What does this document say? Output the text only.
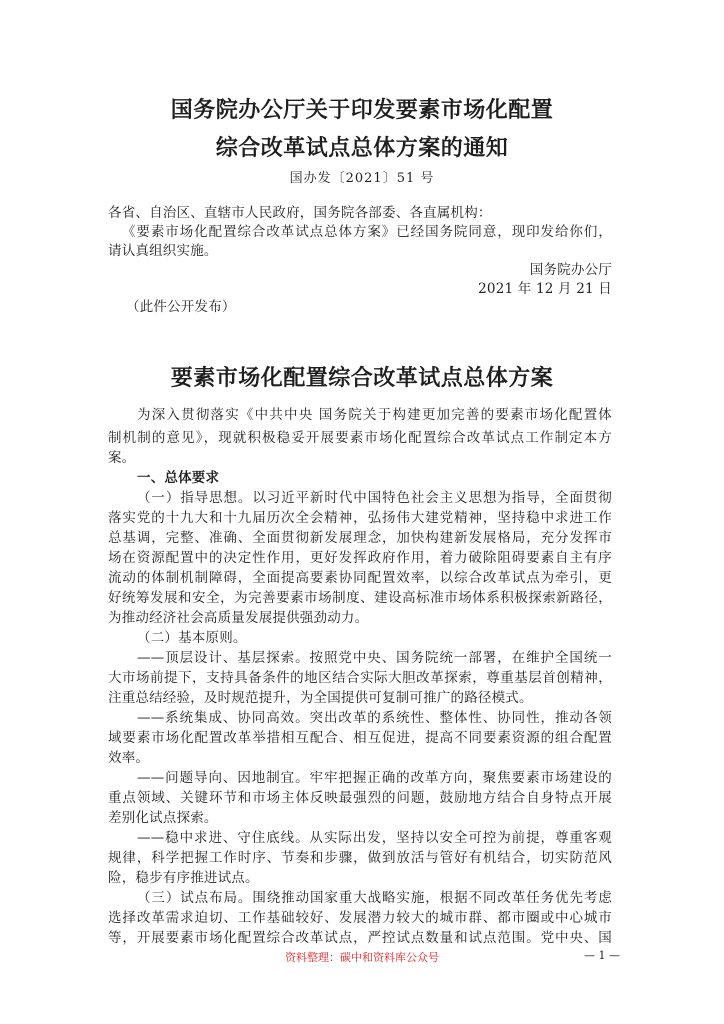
国务院办公厅关于印发要素市场化配置
综合改革试点总体方案的通知
国办发〔2021〕51 号
各省、自治区、直辖市人民政府，国务院各部委、各直属机构：
《要素市场化配置综合改革试点总体方案》已经国务院同意，现印发给你们，
请认真组织实施。
国务院办公厅
2021 年 12 月 21 日
（此件公开发布）
要素市场化配置综合改革试点总体方案
为深入贯彻落实《中共中央 国务院关于构建更加完善的要素市场化配置体
制机制的意见》，现就积极稳妥开展要素市场化配置综合改革试点工作制定本方
案。
一、总体要求
（一）指导思想。以习近平新时代中国特色社会主义思想为指导，全面贯彻
落实党的十九大和十九届历次全会精神，弘扬伟大建党精神，坚持稳中求进工作
总基调，完整、准确、全面贯彻新发展理念，加快构建新发展格局，充分发挥市
场在资源配置中的决定性作用，更好发挥政府作用，着力破除阻碍要素自主有序
流动的体制机制障碍，全面提高要素协同配置效率，以综合改革试点为牵引，更
好统筹发展和安全，为完善要素市场制度、建设高标准市场体系积极探索新路径，
为推动经济社会高质量发展提供强劲动力。
（二）基本原则。
——顶层设计、基层探索。按照党中央、国务院统一部署，在维护全国统一
大市场前提下，支持具备条件的地区结合实际大胆改革探索，尊重基层首创精神，
注重总结经验，及时规范提升，为全国提供可复制可推广的路径模式。
——系统集成、协同高效。突出改革的系统性、整体性、协同性，推动各领
域要素市场化配置改革举措相互配合、相互促进，提高不同要素资源的组合配置
效率。
——问题导向、因地制宜。牢牢把握正确的改革方向，聚焦要素市场建设的
重点领域、关键环节和市场主体反映最强烈的问题，鼓励地方结合自身特点开展
差别化试点探索。
——稳中求进、守住底线。从实际出发，坚持以安全可控为前提，尊重客观
规律，科学把握工作时序、节奏和步骤，做到放活与管好有机结合，切实防范风
险，稳步有序推进试点。
（三）试点布局。围绕推动国家重大战略实施，根据不同改革任务优先考虑
选择改革需求迫切、工作基础较好、发展潜力较大的城市群、都市圈或中心城市
等，开展要素市场化配置综合改革试点，严控试点数量和试点范围。党中央、国
资料整理：碳中和资料库公众号	— 1 —
